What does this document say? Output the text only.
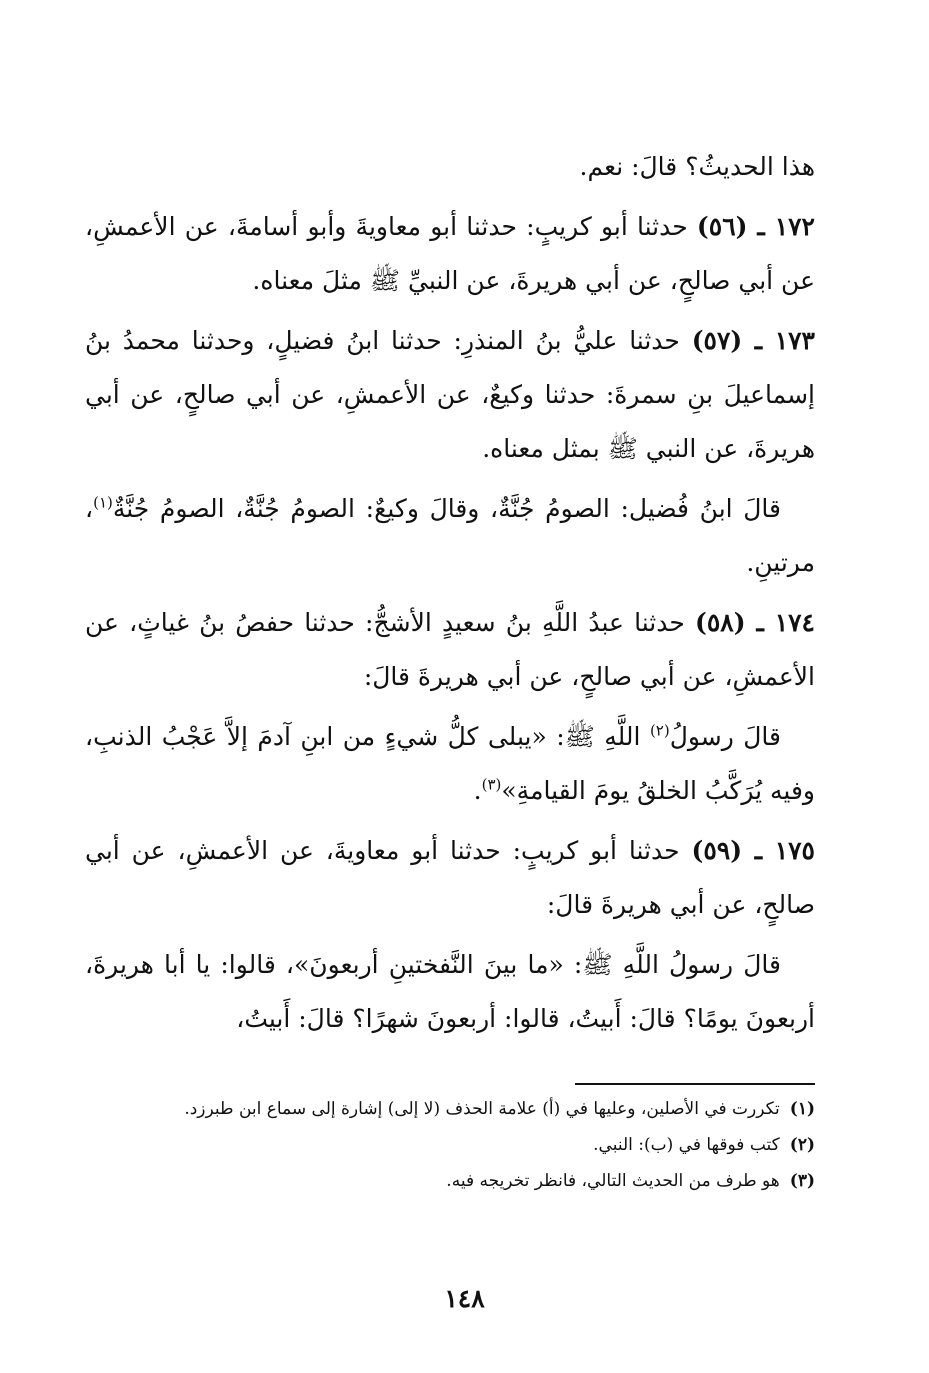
هذا الحديثُ؟ قالَ: نعم.

١٧٢ ـ (٥٦) حدثنا أبو كريبٍ: حدثنا أبو معاويةَ وأبو أسامةَ، عن الأعمشِ، عن أبي صالحٍ، عن أبي هريرةَ، عن النبيِّ ﷺ مثلَ معناه.

١٧٣ ـ (٥٧) حدثنا عليُّ بنُ المنذرِ: حدثنا ابنُ فضيلٍ، وحدثنا محمدُ بنُ إسماعيلَ بنِ سمرةَ: حدثنا وكيعٌ، عن الأعمشِ، عن أبي صالحٍ، عن أبي هريرةَ، عن النبي ﷺ بمثل معناه.

قالَ ابنُ فُضيل: الصومُ جُنَّةٌ، وقالَ وكيعٌ: الصومُ جُنَّةٌ، الصومُ جُنَّةٌ$^{(١)}$، مرتينِ.

١٧٤ ـ (٥٨) حدثنا عبدُ اللَّهِ بنُ سعيدٍ الأشجُّ: حدثنا حفصُ بنُ غياثٍ، عن الأعمشِ، عن أبي صالحٍ، عن أبي هريرةَ قالَ:

قالَ رسولُ$^{(٢)}$ اللَّهِ ﷺ: «يبلى كلُّ شيءٍ من ابنِ آدمَ إلاَّ عَجْبُ الذنبِ، وفيه يُرَكَّبُ الخلقُ يومَ القيامةِ»$^{(٣)}$.

١٧٥ ـ (٥٩) حدثنا أبو كريبٍ: حدثنا أبو معاويةَ، عن الأعمشِ، عن أبي صالحٍ، عن أبي هريرةَ قالَ:

قالَ رسولُ اللَّهِ ﷺ: «ما بينَ النَّفختينِ أربعونَ»، قالوا: يا أبا هريرةَ، أربعونَ يومًا؟ قالَ: أَبيتُ، قالوا: أربعونَ شهرًا؟ قالَ: أَبيتُ،

(١)تكررت في الأصلين، وعليها في (أ) علامة الحذف (لا إلى) إشارة إلى سماع ابن طبرزد.

(٢)كتب فوقها في (ب): النبي.

(٣)هو طرف من الحديث التالي، فانظر تخريجه فيه.

١٤٨
